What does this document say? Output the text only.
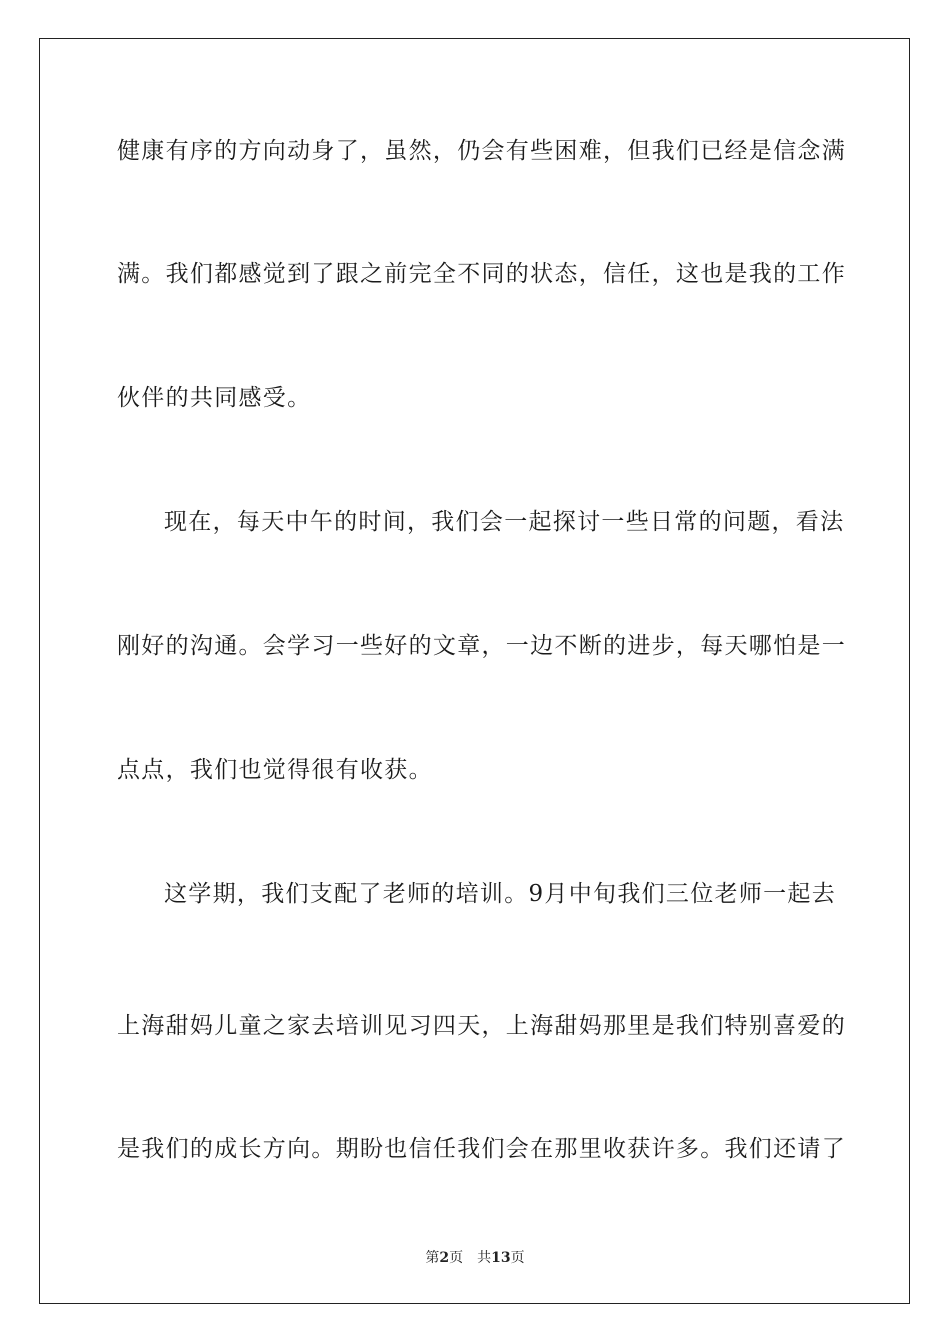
健康有序的方向动身了，虽然，仍会有些困难，但我们已经是信念满
满。我们都感觉到了跟之前完全不同的状态，信任，这也是我的工作
伙伴的共同感受。
现在，每天中午的时间，我们会一起探讨一些日常的问题，看法
刚好的沟通。会学习一些好的文章，一边不断的进步，每天哪怕是一
点点，我们也觉得很有收获。
这学期，我们支配了老师的培训。9月中旬我们三位老师一起去
上海甜妈儿童之家去培训见习四天，上海甜妈那里是我们特别喜爱的
是我们的成长方向。期盼也信任我们会在那里收获许多。我们还请了
第2页 共13页
